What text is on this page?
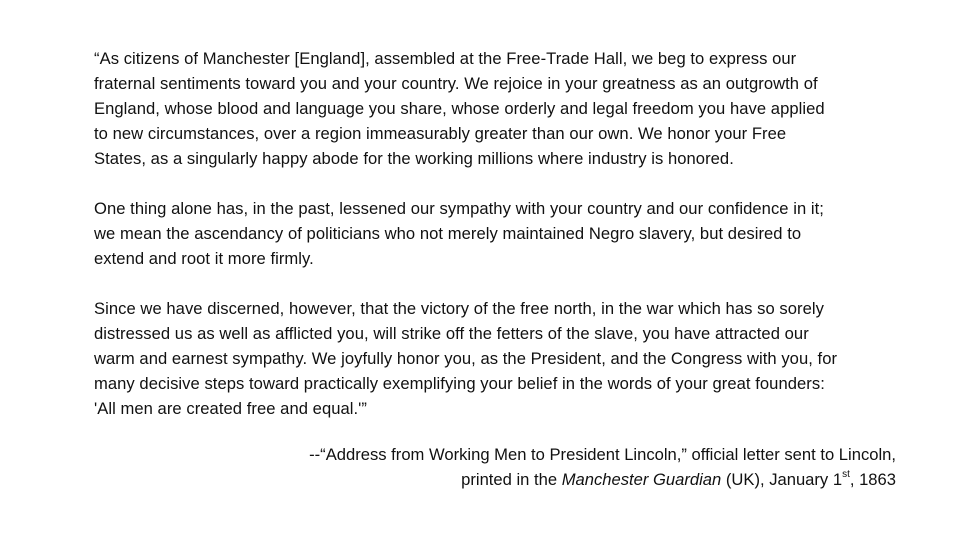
“As citizens of Manchester [England], assembled at the Free-Trade Hall, we beg to express our
fraternal sentiments toward you and your country. We rejoice in your greatness as an outgrowth of
England, whose blood and language you share, whose orderly and legal freedom you have applied
to new circumstances, over a region immeasurably greater than our own. We honor your Free
States, as a singularly happy abode for the working millions where industry is honored.

One thing alone has, in the past, lessened our sympathy with your country and our confidence in it;
we mean the ascendancy of politicians who not merely maintained Negro slavery, but desired to
extend and root it more firmly.

Since we have discerned, however, that the victory of the free north, in the war which has so sorely
distressed us as well as afflicted you, will strike off the fetters of the slave, you have attracted our
warm and earnest sympathy. We joyfully honor you, as the President, and the Congress with you, for
many decisive steps toward practically exemplifying your belief in the words of your great founders:
'All men are created free and equal.'”

--“Address from Working Men to President Lincoln,” official letter sent to Lincoln,
printed in the Manchester Guardian (UK), January 1st, 1863
